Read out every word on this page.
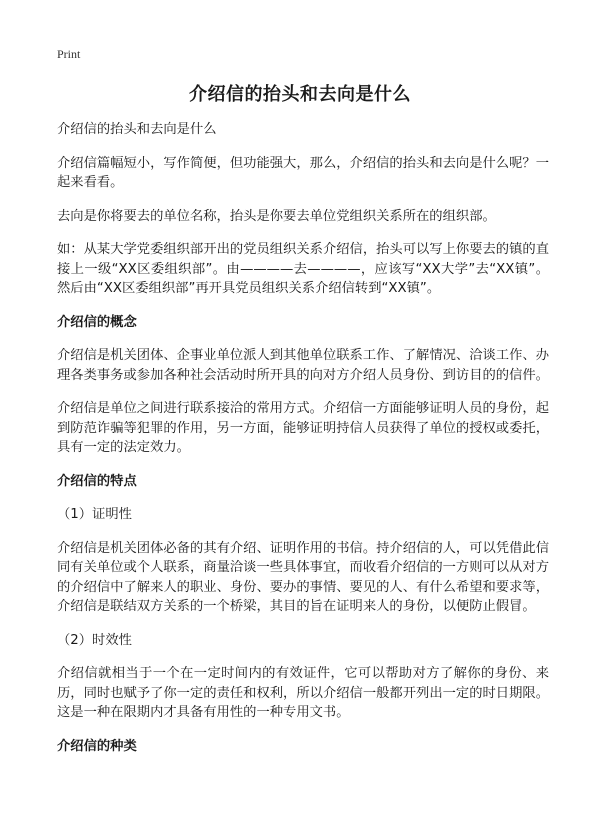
Print
介绍信的抬头和去向是什么

介绍信的抬头和去向是什么

介绍信篇幅短小，写作简便，但功能强大，那么，介绍信的抬头和去向是什么呢？一起来看看。

去向是你将要去的单位名称，抬头是你要去单位党组织关系所在的组织部。

如：从某大学党委组织部开出的党员组织关系介绍信，抬头可以写上你要去的镇的直接上一级“XX区委组织部”。由————去————，应该写“XX大学”去“XX镇”。然后由“XX区委组织部”再开具党员组织关系介绍信转到“XX镇”。

介绍信的概念

介绍信是机关团体、企事业单位派人到其他单位联系工作、了解情况、洽谈工作、办理各类事务或参加各种社会活动时所开具的向对方介绍人员身份、到访目的的信件。

介绍信是单位之间进行联系接洽的常用方式。介绍信一方面能够证明人员的身份，起到防范诈骗等犯罪的作用，另一方面，能够证明持信人员获得了单位的授权或委托，具有一定的法定效力。

介绍信的特点

（1）证明性

介绍信是机关团体必备的其有介绍、证明作用的书信。持介绍信的人，可以凭借此信同有关单位或个人联系，商量洽谈一些具体事宜，而收看介绍信的一方则可以从对方的介绍信中了解来人的职业、身份、要办的事情、要见的人、有什么希望和要求等，介绍信是联结双方关系的一个桥梁，其目的旨在证明来人的身份，以便防止假冒。

（2）时效性

介绍信就相当于一个在一定时间内的有效证件，它可以帮助对方了解你的身份、来历，同时也赋予了你一定的责任和权利，所以介绍信一般都开列出一定的时日期限。这是一种在限期内才具备有用性的一种专用文书。

介绍信的种类
